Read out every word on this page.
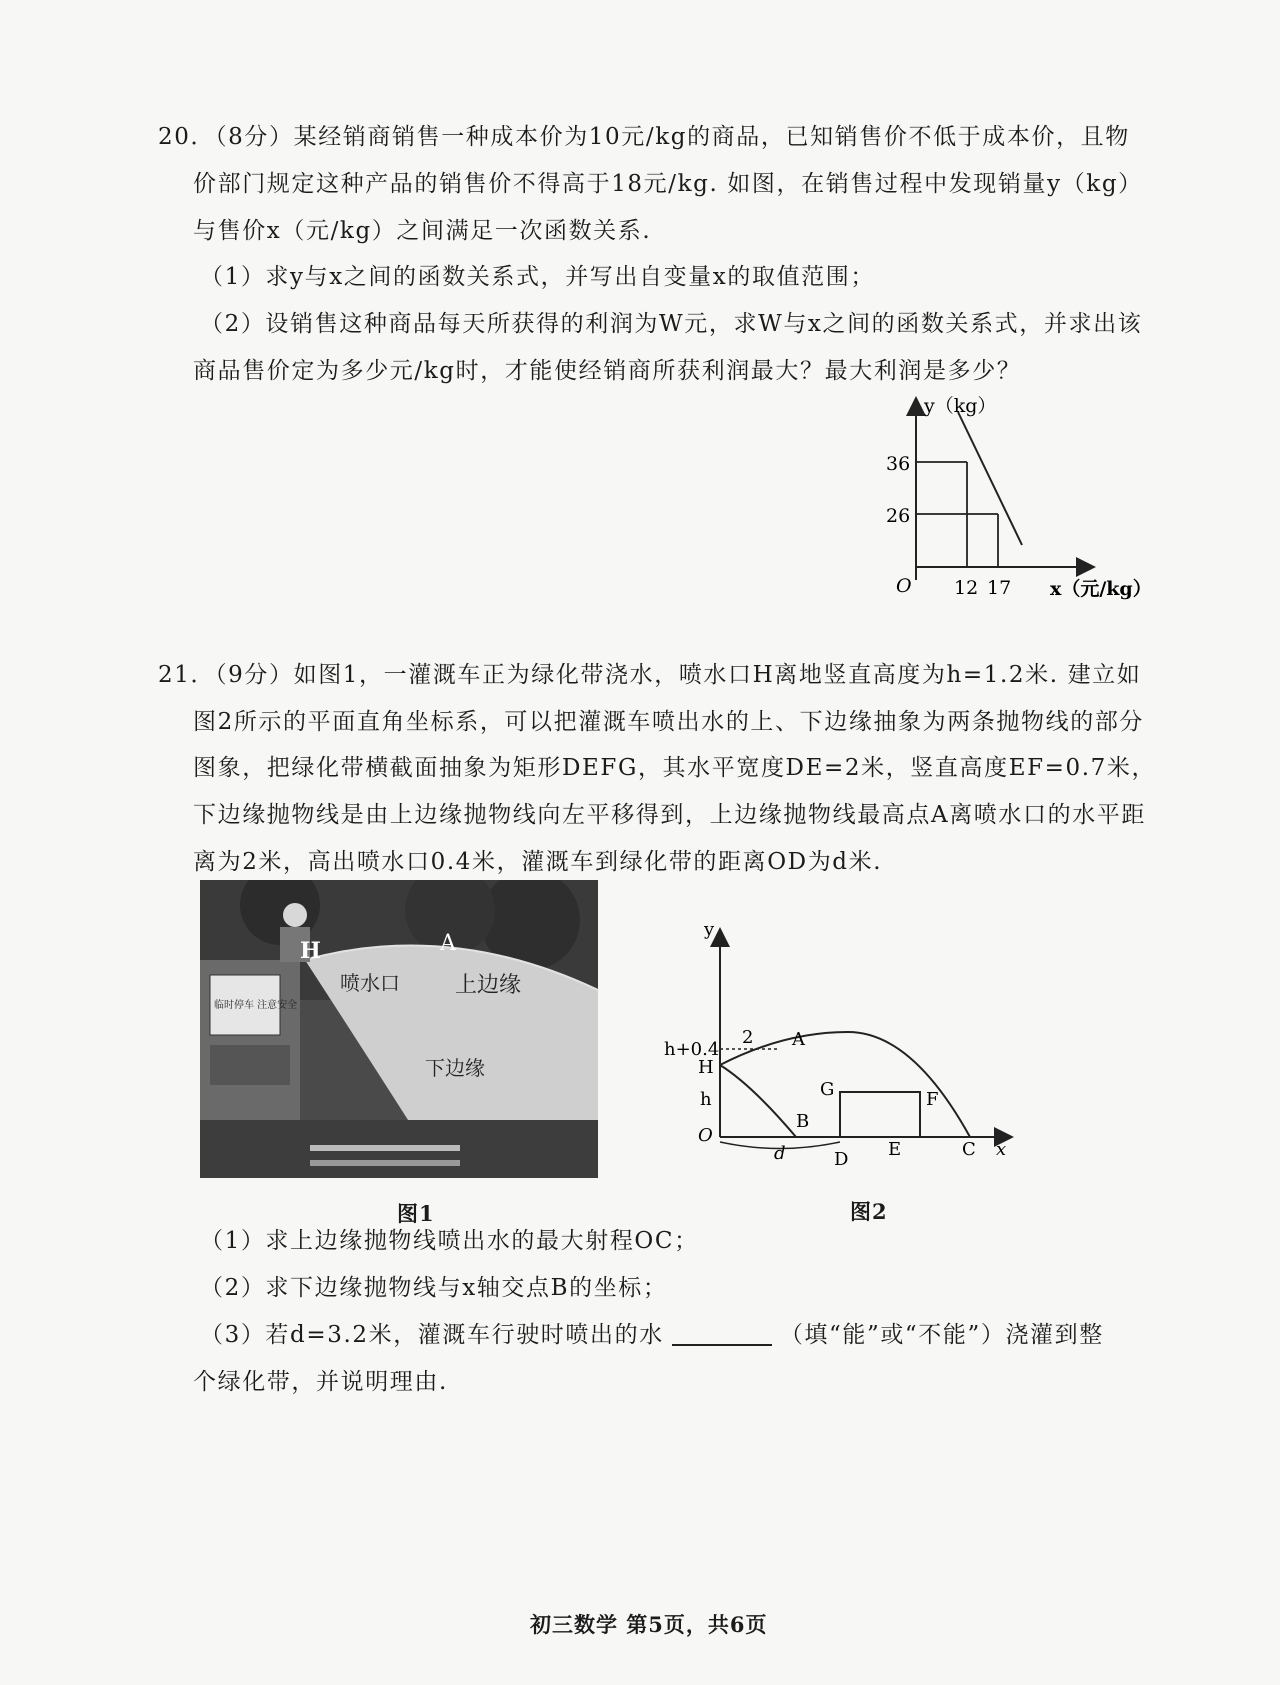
20．（8分）某经销商销售一种成本价为10元/kg的商品，已知销售价不低于成本价，且物
价部门规定这种产品的销售价不得高于18元/kg. 如图，在销售过程中发现销量y（kg）
与售价x（元/kg）之间满足一次函数关系.
（1）求y与x之间的函数关系式，并写出自变量x的取值范围；
（2）设销售这种商品每天所获得的利润为W元，求W与x之间的函数关系式，并求出该
商品售价定为多少元/kg时，才能使经销商所获利润最大？最大利润是多少？
y（kg）
36
26
O 12 17 x（元/kg）
21．（9分）如图1，一灌溉车正为绿化带浇水，喷水口H离地竖直高度为h=1.2米. 建立如
图2所示的平面直角坐标系，可以把灌溉车喷出水的上、下边缘抽象为两条抛物线的部分
图象，把绿化带横截面抽象为矩形DEFG，其水平宽度DE=2米，竖直高度EF=0.7米，
下边缘抛物线是由上边缘抛物线向左平移得到，上边缘抛物线最高点A离喷水口的水平距
离为2米，高出喷水口0.4米，灌溉车到绿化带的距离OD为d米.
临时停车 注意安全
H	A
喷水口	上边缘
下边缘
图1
y
2 A
h+0.4
H
h
O
B
G	F
E
D	C x
d
图2
（1）求上边缘抛物线喷出水的最大射程OC；
（2）求下边缘抛物线与x轴交点B的坐标；
（3）若d=3.2米，灌溉车行驶时喷出的水	（填“能”或“不能”）浇灌到整
个绿化带，并说明理由.
初三数学 第5页，共6页
